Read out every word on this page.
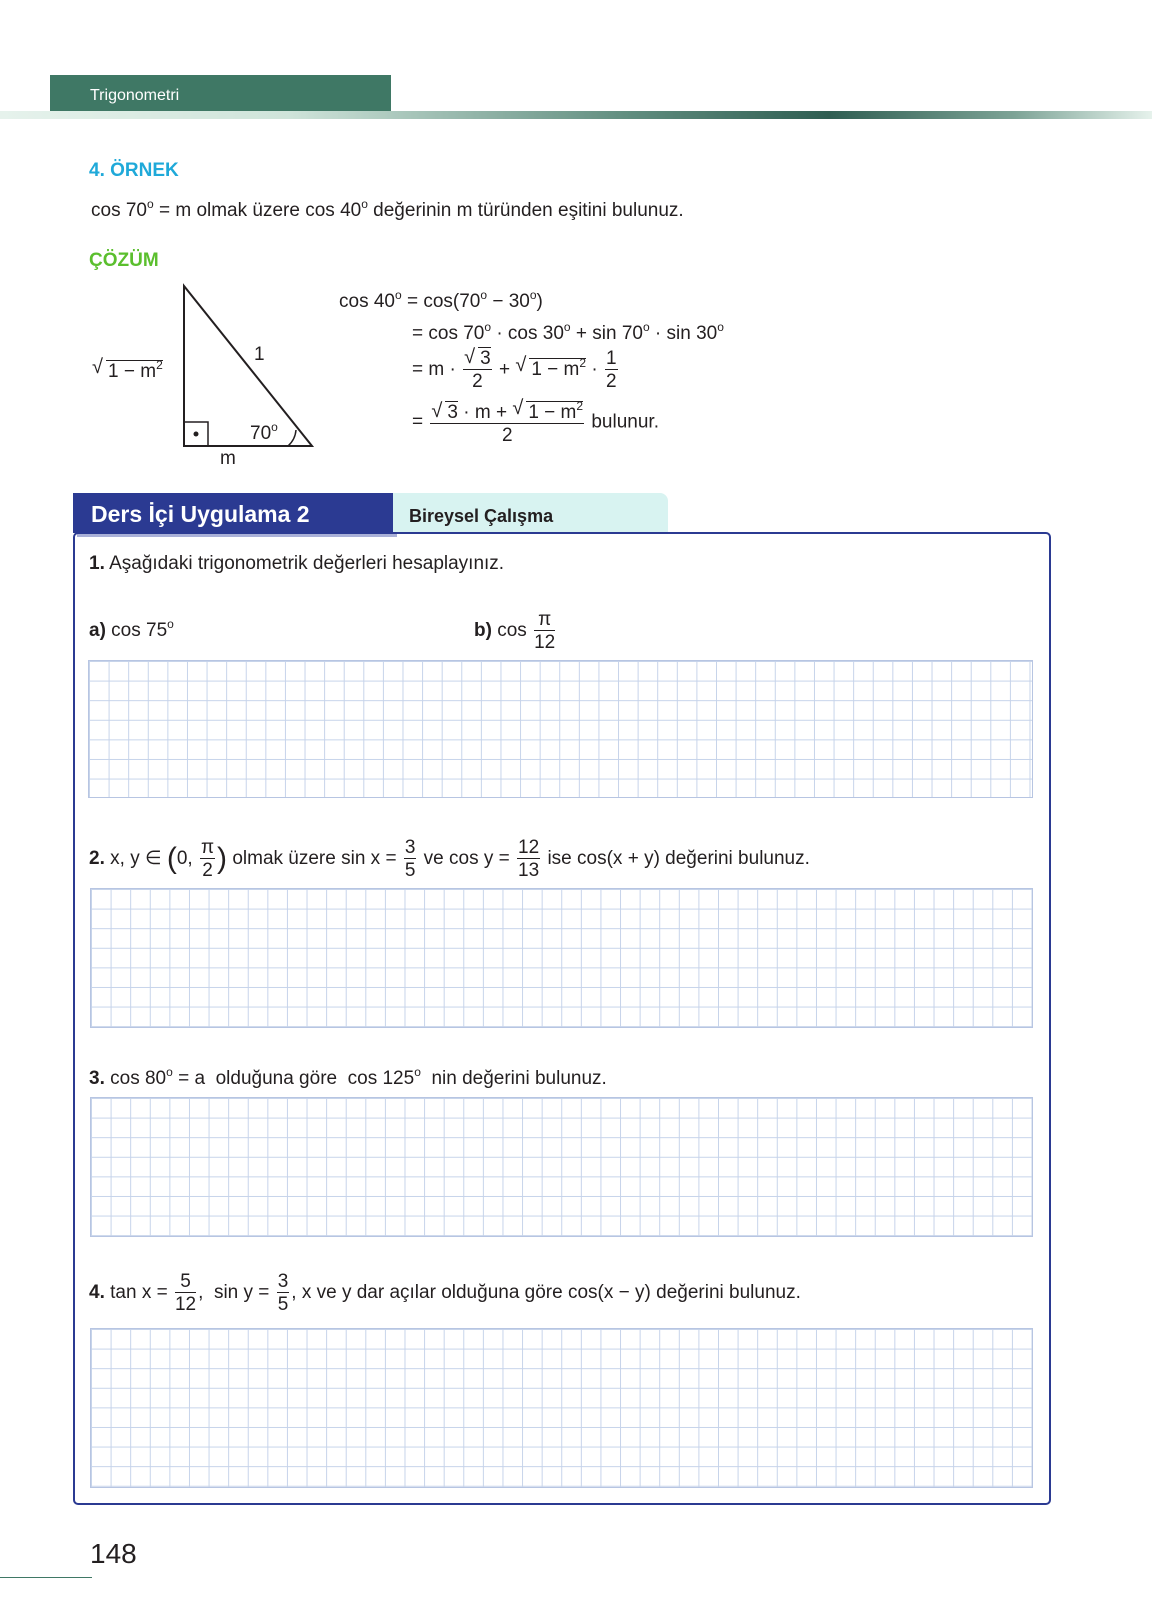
Trigonometri
4. ÖRNEK
$\cos 70^o = m$ olmak üzere cos 40$^o$ değerinin m türünden eşitini bulunuz.
ÇÖZÜM
1
m
70$^o$
√ $1 - m^2$
$\cos 40^o = \cos(70^o - 30^o)$
= $\cos 70^o \cdot \cos 30^o + \sin 70^o \cdot \sin 30^o$
= m · √ $\frac{3}{2}$ + √ $1 - m^2 \cdot \frac{1}{2}$
= √ $\frac{3 \cdot m + √ 1 - m^2}{2}$ bulunur.
Ders İçi Uygulama 2	Bireysel Çalışma
1. Aşağıdaki trigonometrik değerleri hesaplayınız.
a) cos 75$^o$	b) $\cos \frac{\pi}{12}$
2. x, y ∈ (0, $\frac{\pi}{2}$ ) olmak üzere $\sin x = \frac{3}{5}$ ve $\cos y = \frac{12}{13}$ ise cos(x + y) değerini bulunuz.
3. $\cos 80^o = a$  olduğuna göre  cos 125$^o$  nin değerini bulunuz.
4. $\tan x = \frac{5}{12}$ ,  $\sin y = \frac{3}{5}$ , x ve y dar açılar olduğuna göre cos(x − y) değerini bulunuz.
148
